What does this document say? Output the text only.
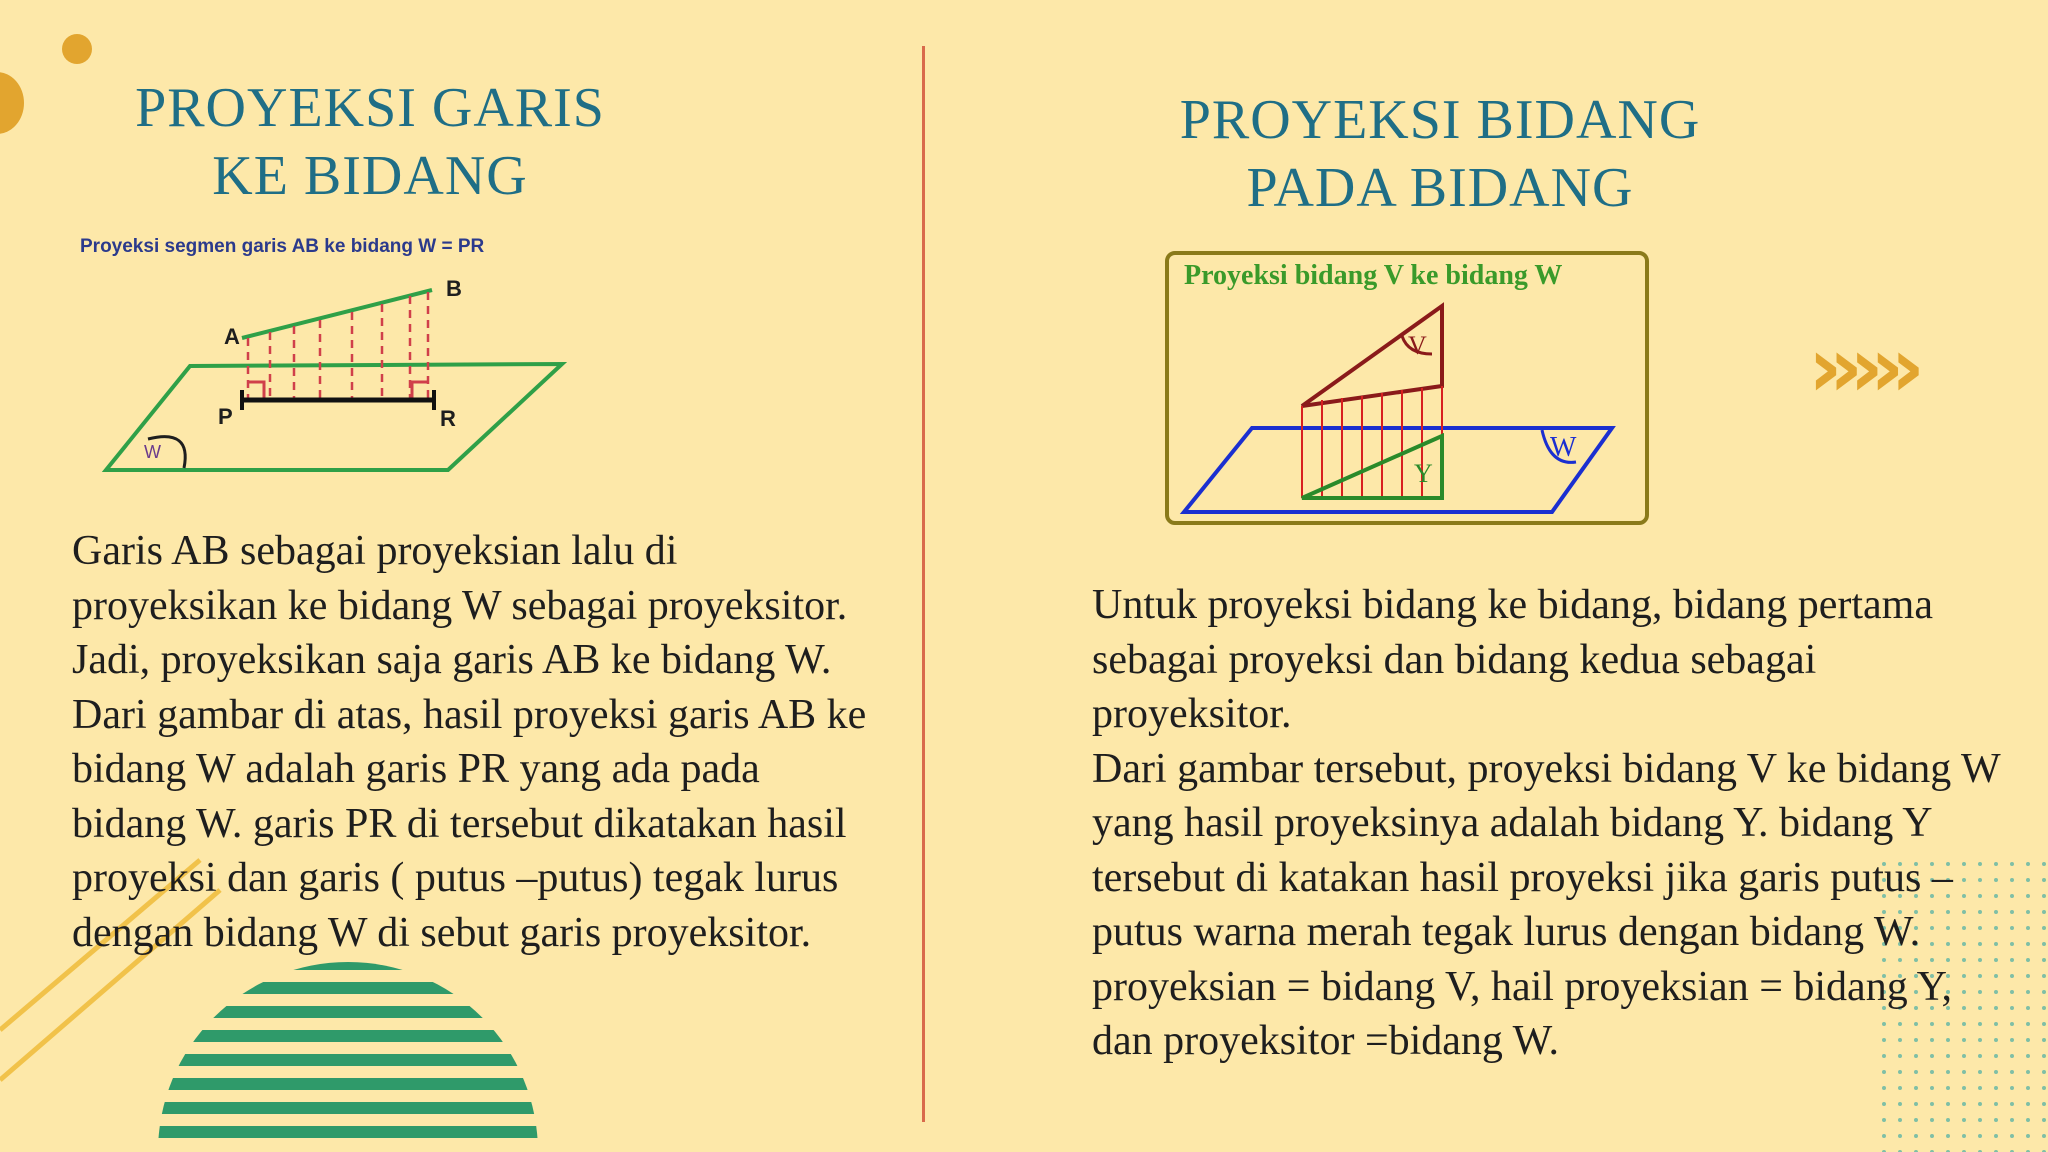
PROYEKSI GARIS
KE BIDANG
Proyeksi segmen garis AB ke bidang W = PR
W
A
B
P	R

Garis AB sebagai proyeksian lalu di proyeksikan ke bidang W sebagai proyeksitor. Jadi, proyeksikan saja garis AB ke bidang W.

Dari gambar di atas, hasil proyeksi garis AB ke bidang W adalah garis PR yang ada pada bidang W. garis PR di tersebut dikatakan hasil proyeksi dan garis ( putus –putus) tegak lurus dengan bidang W di sebut garis proyeksitor.

PROYEKSI BIDANG
PADA BIDANG
Proyeksi bidang V ke bidang W
W
V
Y
›››››

Untuk proyeksi bidang ke bidang, bidang pertama sebagai proyeksi dan bidang kedua sebagai proyeksitor.

Dari gambar tersebut, proyeksi bidang V ke bidang W yang hasil proyeksinya adalah bidang Y. bidang Y tersebut di katakan hasil proyeksi jika garis putus –putus warna merah tegak lurus dengan bidang W. proyeksian = bidang V, hail proyeksian = bidang Y, dan proyeksitor =bidang W.
